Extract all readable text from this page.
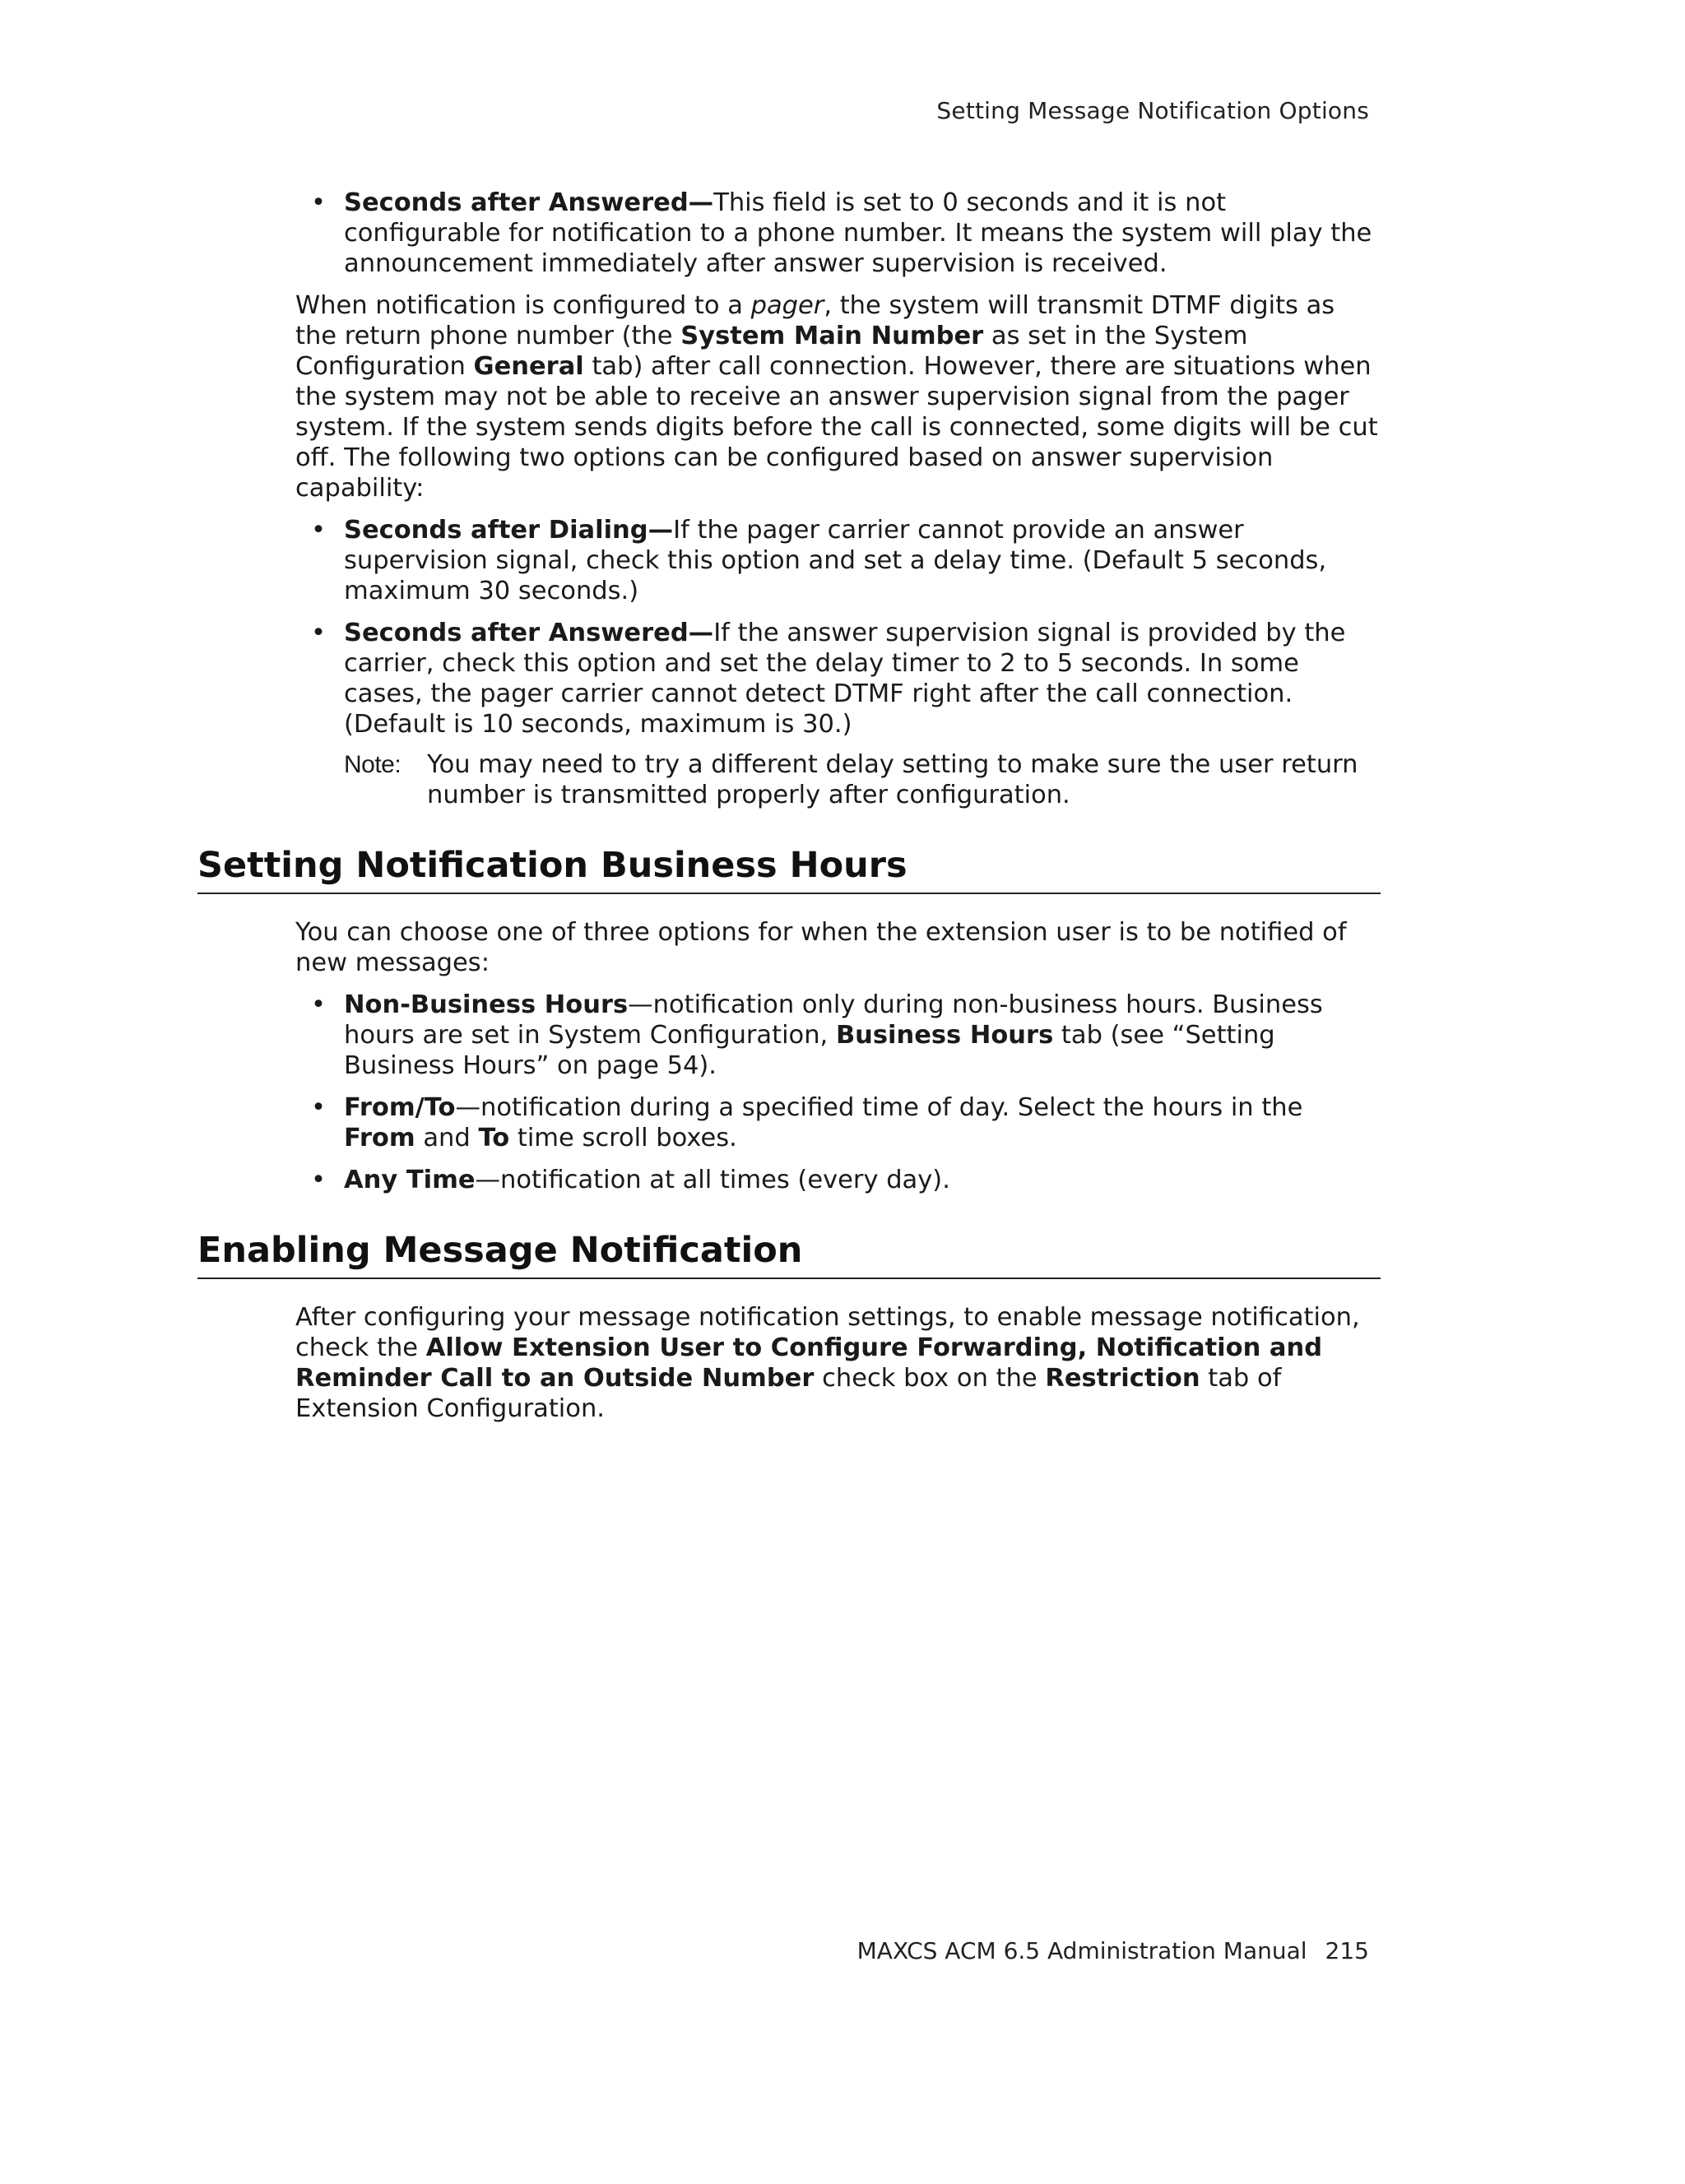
Setting Message Notification Options
• Seconds after Answered—This field is set to 0 seconds and it is not configurable for notification to a phone number. It means the system will play the announcement immediately after answer supervision is received.

When notification is configured to a pager, the system will transmit DTMF digits as the return phone number (the System Main Number as set in the System Configuration General tab) after call connection. However, there are situations when the system may not be able to receive an answer supervision signal from the pager system. If the system sends digits before the call is connected, some digits will be cut off. The following two options can be configured based on answer supervision capability:

• Seconds after Dialing—If the pager carrier cannot provide an answer supervision signal, check this option and set a delay time. (Default 5 seconds, maximum 30 seconds.)
• Seconds after Answered—If the answer supervision signal is provided by the carrier, check this option and set the delay timer to 2 to 5 seconds. In some cases, the pager carrier cannot detect DTMF right after the call connection. (Default is 10 seconds, maximum is 30.)
Note: You may need to try a different delay setting to make sure the user return number is transmitted properly after configuration.
Setting Notification Business Hours

You can choose one of three options for when the extension user is to be notified of new messages:

• Non-Business Hours—notification only during non-business hours. Business hours are set in System Configuration, Business Hours tab (see “Setting Business Hours” on page 54).
• From/To—notification during a specified time of day. Select the hours in the From and To time scroll boxes.
• Any Time—notification at all times (every day).
Enabling Message Notification

After configuring your message notification settings, to enable message notification, check the Allow Extension User to Configure Forwarding, Notification and Reminder Call to an Outside Number check box on the Restriction tab of Extension Configuration.

MAXCS ACM 6.5 Administration Manual 215
